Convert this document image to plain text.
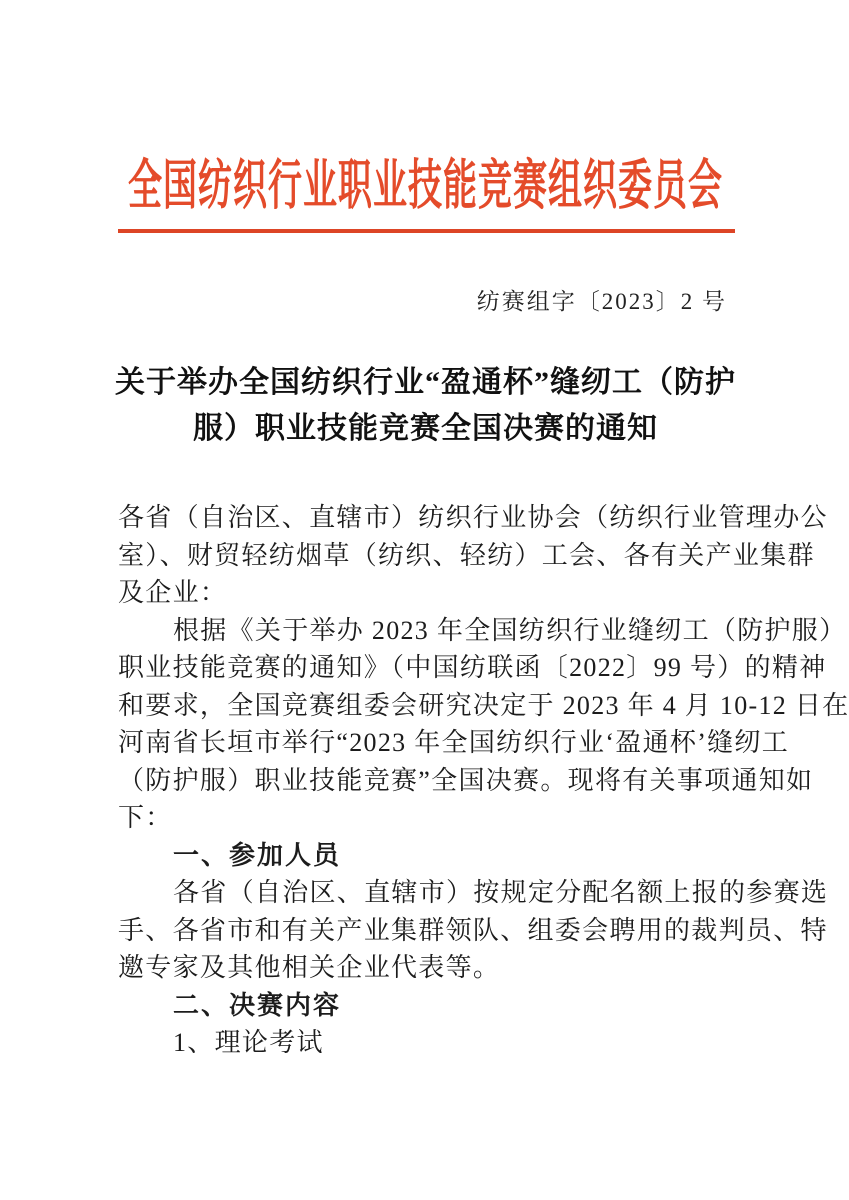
全国纺织行业职业技能竞赛组织委员会
纺赛组字〔2023〕2 号
关于举办全国纺织行业“盈通杯”缝纫工（防护
服）职业技能竞赛全国决赛的通知
各省（自治区、直辖市）纺织行业协会（纺织行业管理办公
室）、财贸轻纺烟草（纺织、轻纺）工会、各有关产业集群
及企业：
根据《关于举办 2023 年全国纺织行业缝纫工（防护服）
职业技能竞赛的通知》（中国纺联函〔2022〕99 号）的精神
和要求，全国竞赛组委会研究决定于 2023 年 4 月 10-12 日在
河南省长垣市举行“2023 年全国纺织行业‘盈通杯’缝纫工
（防护服）职业技能竞赛”全国决赛。现将有关事项通知如
下：
一、参加人员
各省（自治区、直辖市）按规定分配名额上报的参赛选
手、各省市和有关产业集群领队、组委会聘用的裁判员、特
邀专家及其他相关企业代表等。
二、决赛内容
1、理论考试
